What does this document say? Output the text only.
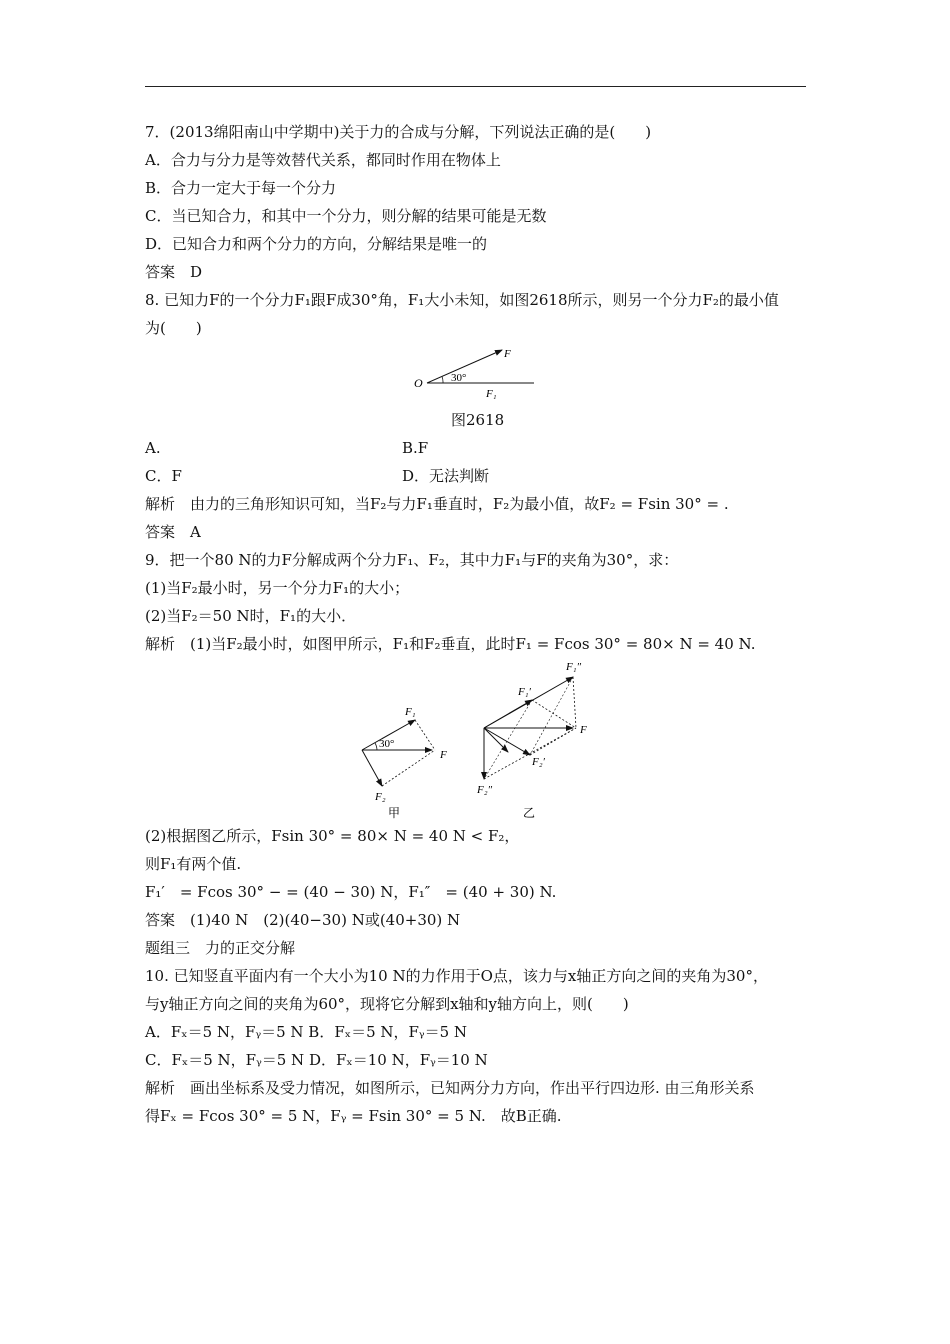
7．(2013绵阳南山中学期中)关于力的合成与分解，下列说法正确的是(　　)
A．合力与分力是等效替代关系，都同时作用在物体上
B．合力一定大于每一个分力
C．当已知合力，和其中一个分力，则分解的结果可能是无数
D．已知合力和两个分力的方向，分解结果是唯一的
答案　D
8. 已知力F的一个分力F₁跟F成30°角，F₁大小未知，如图2618所示，则另一个分力F₂的最小值
为(　　)
O
F
30°
F₁
图2618
A.	B.F
C．F	D．无法判断
解析　由力的三角形知识可知，当F₂与力F₁垂直时，F₂为最小值，故F₂ = Fsin 30° = .
答案　A
9．把一个80 N的力F分解成两个分力F₁、F₂，其中力F₁与F的夹角为30°，求：
(1)当F₂最小时，另一个分力F₁的大小；
(2)当F₂＝50 N时，F₁的大小．
解析　(1)当F₂最小时，如图甲所示，F₁和F₂垂直，此时F₁ = Fcos 30° = 80× N = 40 N.
30°
F₁
F
F₂
甲
F₁″
F₁′
F
F₂′
F₂″
乙
(2)根据图乙所示，Fsin 30° = 80× N = 40 N < F₂，
则F₁有两个值.
F₁′　= Fcos 30° − = (40 − 30) N，F₁″　= (40 + 30) N.
答案　(1)40 N　(2)(40−30) N或(40+30) N
题组三　力的正交分解
10. 已知竖直平面内有一个大小为10 N的力作用于O点，该力与x轴正方向之间的夹角为30°，
与y轴正方向之间的夹角为60°，现将它分解到x轴和y轴方向上，则(　　)
A．Fₓ＝5 N，Fᵧ＝5 N B．Fₓ＝5 N，Fᵧ＝5 N
C．Fₓ＝5 N，Fᵧ＝5 N D．Fₓ＝10 N，Fᵧ＝10 N
解析　画出坐标系及受力情况，如图所示，已知两分力方向，作出平行四边形. 由三角形关系
得Fₓ = Fcos 30° = 5 N，Fᵧ = Fsin 30° = 5 N.　故B正确.
